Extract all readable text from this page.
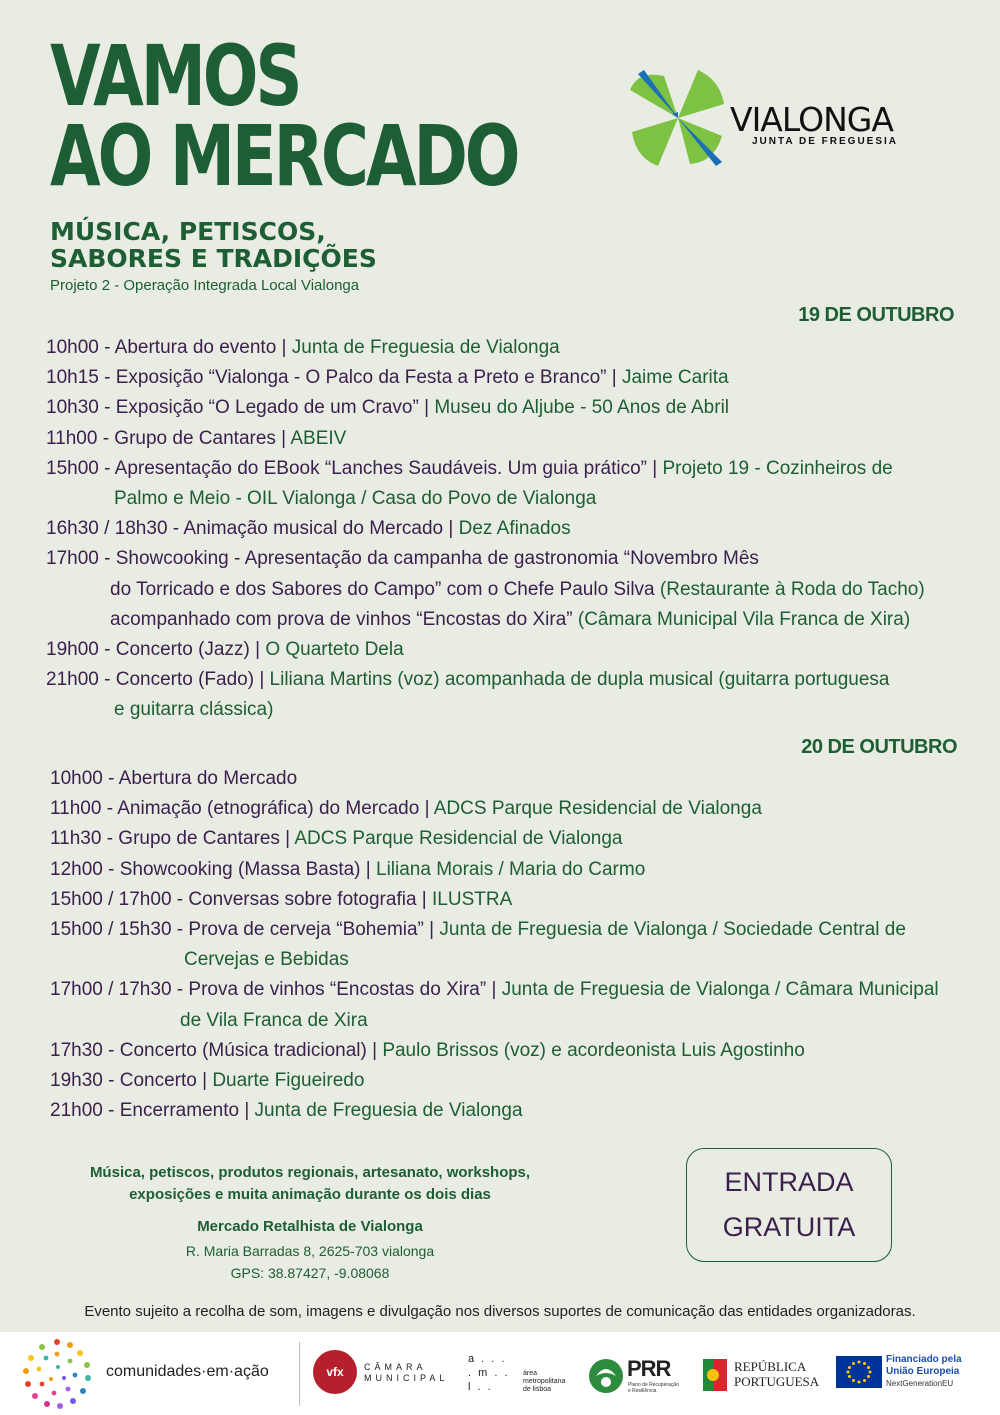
VAMOS
AO MERCADO
MÚSICA, PETISCOS,
SABORES E TRADIÇÕES
Projeto 2 - Operação Integrada Local Vialonga
VIALONGA
JUNTA DE FREGUESIA
19 DE OUTUBRO
10h00 - Abertura do evento | Junta de Freguesia de Vialonga
10h15 - Exposição “Vialonga - O Palco da Festa a Preto e Branco” | Jaime Carita
10h30 - Exposição “O Legado de um Cravo” | Museu do Aljube - 50 Anos de Abril
11h00 - Grupo de Cantares | ABEIV
15h00 - Apresentação do EBook “Lanches Saudáveis. Um guia prático” | Projeto 19 - Cozinheiros de
Palmo e Meio - OIL Vialonga / Casa do Povo de Vialonga
16h30 / 18h30 - Animação musical do Mercado | Dez Afinados
17h00 - Showcooking - Apresentação da campanha de gastronomia “Novembro Mês
do Torricado e dos Sabores do Campo” com o Chefe Paulo Silva (Restaurante à Roda do Tacho)
acompanhado com prova de vinhos “Encostas do Xira” (Câmara Municipal Vila Franca de Xira)
19h00 - Concerto (Jazz) | O Quarteto Dela
21h00 - Concerto (Fado) | Liliana Martins (voz) acompanhada de dupla musical (guitarra portuguesa
e guitarra clássica)
20 DE OUTUBRO
10h00 - Abertura do Mercado
11h00 - Animação (etnográfica) do Mercado | ADCS Parque Residencial de Vialonga
11h30 - Grupo de Cantares | ADCS Parque Residencial de Vialonga
12h00 - Showcooking (Massa Basta) | Liliana Morais / Maria do Carmo
15h00 / 17h00 - Conversas sobre fotografia | ILUSTRA
15h00 / 15h30 - Prova de cerveja “Bohemia” | Junta de Freguesia de Vialonga / Sociedade Central de
Cervejas e Bebidas
17h00 / 17h30 - Prova de vinhos “Encostas do Xira” | Junta de Freguesia de Vialonga / Câmara Municipal
de Vila Franca de Xira
17h30 - Concerto (Música tradicional) | Paulo Brissos (voz) e acordeonista Luis Agostinho
19h30 - Concerto | Duarte Figueiredo
21h00 - Encerramento | Junta de Freguesia de Vialonga
Música, petiscos, produtos regionais, artesanato, workshops,
exposições e muita animação durante os dois dias
Mercado Retalhista de Vialonga
R. Maria Barradas 8, 2625-703 vialonga
GPS: 38.87427, -9.08068
ENTRADA
GRATUITA
Evento sujeito a recolha de som, imagens e divulgação nos diversos suportes de comunicação das entidades organizadoras.
comunidades·em·ação	vfx	CÂMARA
MUNICIPAL
a . . . . m . . l . .
área
metropolitana
de lisboa
PRR
Plano de Recuperação
e Resiliência
REPÚBLICA
PORTUGUESA
Financiado pela
União Europeia
NextGenerationEU
